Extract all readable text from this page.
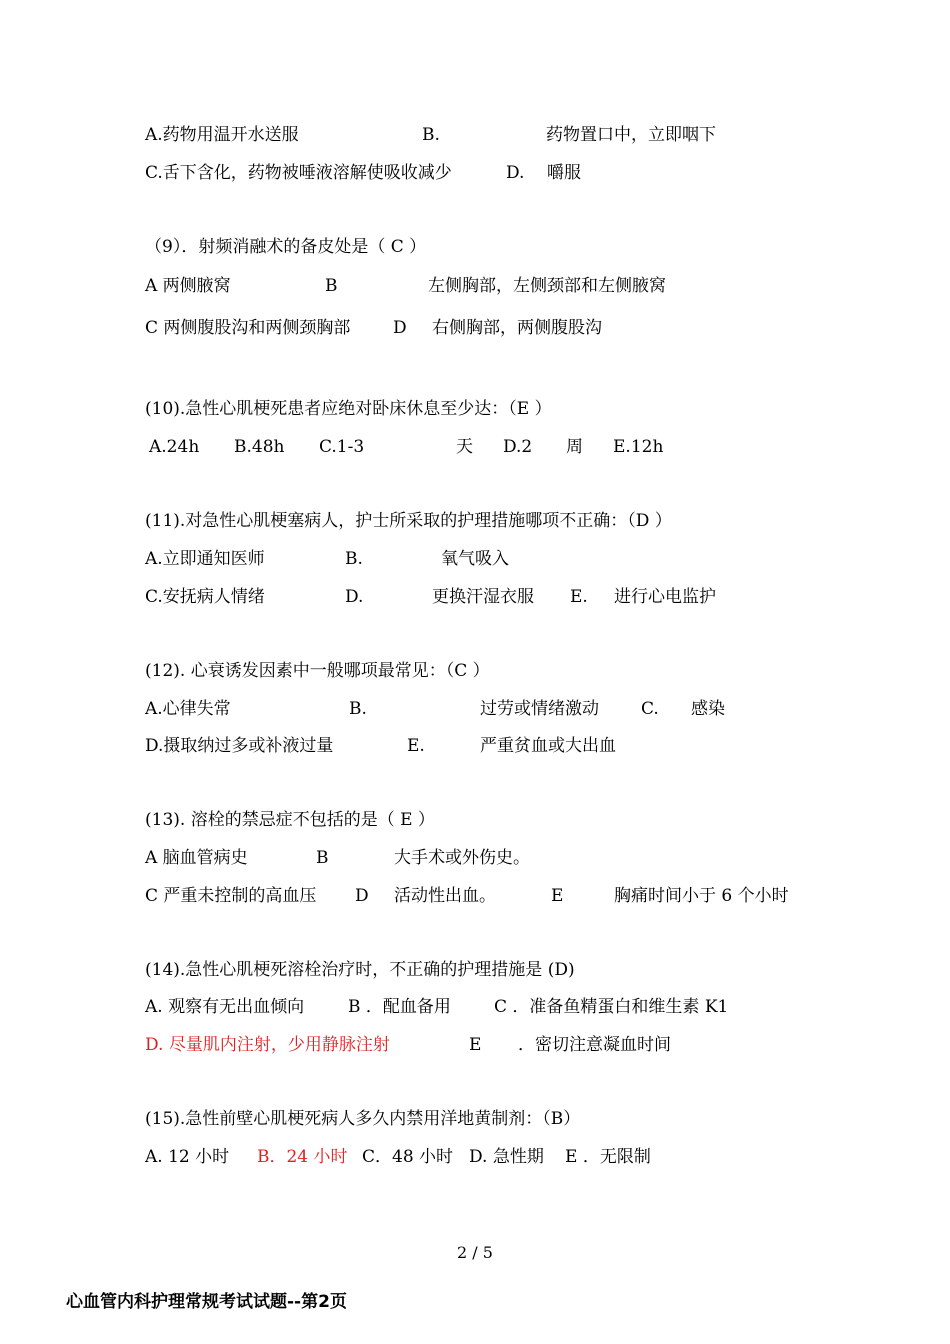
A.药物用温开水送服

	B.

	药物置口中，立即咽下

C.舌下含化，药物被唾液溶解使吸收减少

	D.

嚼服

（9）．射频消融术的备皮处是（ C ）

A 两侧腋窝

	B

	左侧胸部，左侧颈部和左侧腋窝

C 两侧腹股沟和两侧颈胸部

	D

右侧胸部，两侧腹股沟

(10).急性心肌梗死患者应绝对卧床休息至少达：（E ）

A.24h

B.48h

C.1-3

	天

D.2

周

E.12h

(11).对急性心肌梗塞病人，护士所采取的护理措施哪项不正确：（D ）

A.立即通知医师

	B.

	氧气吸入

C.安抚病人情绪

	D.

	更换汗湿衣服

E.

进行心电监护

(12). 心衰诱发因素中一般哪项最常见：（C ）

A.心律失常

	B.

	过劳或情绪激动

C.

感染

D.摄取纳过多或补液过量

	E.

	严重贫血或大出血

(13). 溶栓的禁忌症不包括的是（ E ）

A 脑血管病史

	B

	大手术或外伤史。

C 严重未控制的高血压

D

活动性出血。

	E

	胸痛时间小于 6 个小时

(14).急性心肌梗死溶栓治疗时，不正确的护理措施是 (D)

A. 观察有无出血倾向

	B ．配血备用

	C ．准备鱼精蛋白和维生素 K1

D. 尽量肌内注射，少用静脉注射

	E

．密切注意凝血时间

(15).急性前壁心肌梗死病人多久内禁用洋地黄制剂：（B）

A. 12 小时

B．24 小时

C．48 小时

D. 急性期

E ．无限制

2 / 5
心血管内科护理常规考试试题--第2页
